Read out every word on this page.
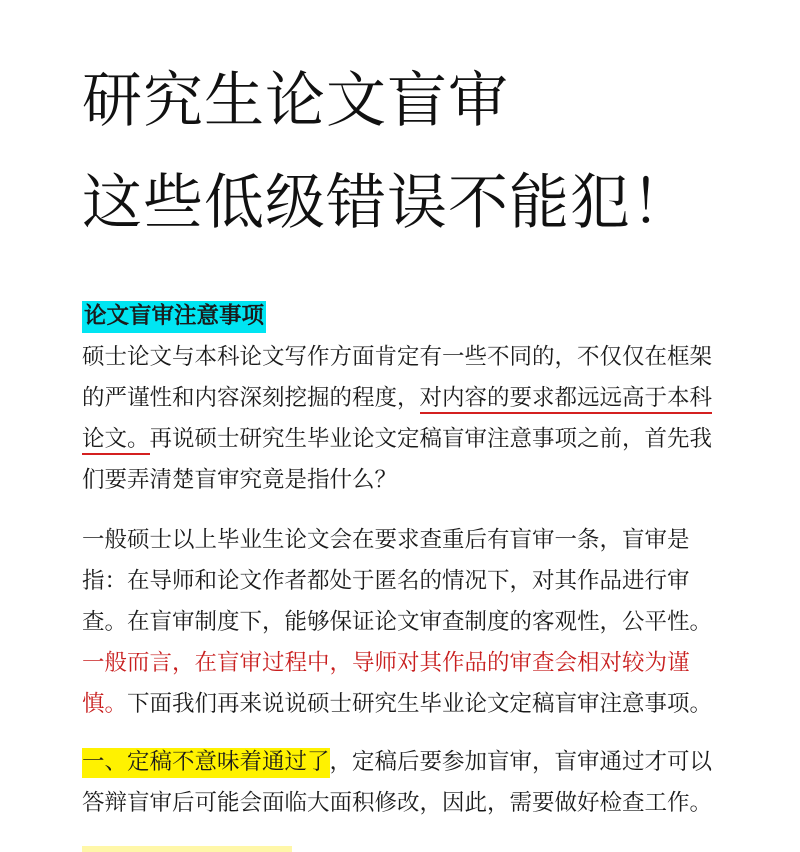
研究生论文盲审
这些低级错误不能犯！
论文盲审注意事项
硕士论文与本科论文写作方面肯定有一些不同的，不仅仅在框架的严谨性和内容深刻挖掘的程度，对内容的要求都远远高于本科论文。再说硕士研究生毕业论文定稿盲审注意事项之前，首先我们要弄清楚盲审究竟是指什么？
一般硕士以上毕业生论文会在要求查重后有盲审一条，盲审是指：在导师和论文作者都处于匿名的情况下，对其作品进行审查。在盲审制度下，能够保证论文审查制度的客观性，公平性。一般而言，在盲审过程中，导师对其作品的审查会相对较为谨慎。下面我们再来说说硕士研究生毕业论文定稿盲审注意事项。
一、定稿不意味着通过了，定稿后要参加盲审，盲审通过才可以答辩盲审后可能会面临大面积修改，因此，需要做好检查工作。
